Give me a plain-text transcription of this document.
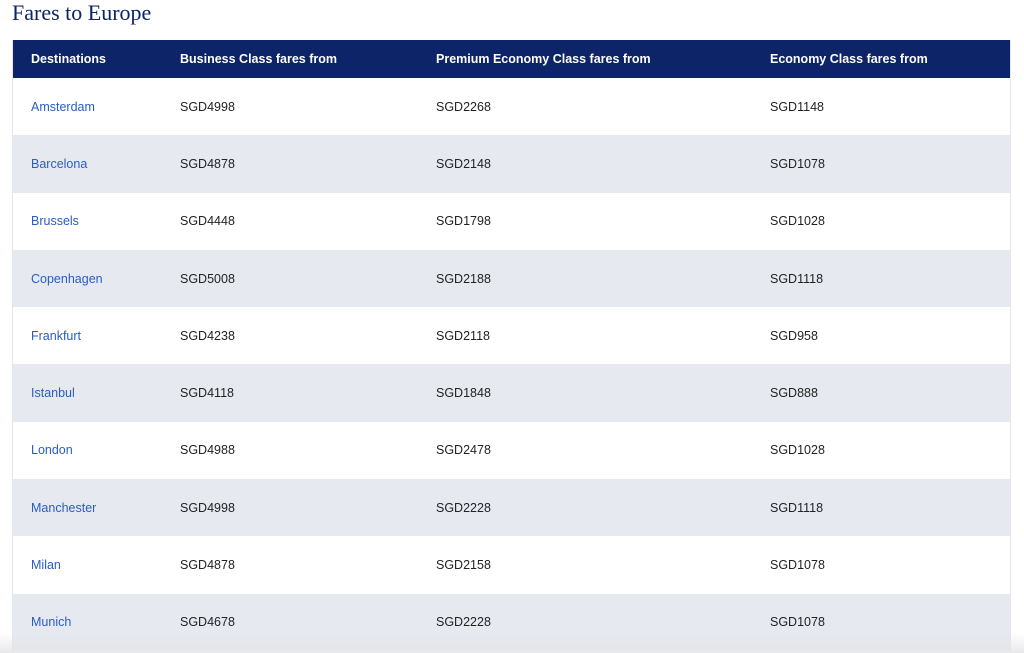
Fares to Europe
Destinations	Business Class fares from	Premium Economy Class fares from	Economy Class fares from
Amsterdam	SGD4998	SGD2268	SGD1148
Barcelona	SGD4878	SGD2148	SGD1078
Brussels	SGD4448	SGD1798	SGD1028
Copenhagen	SGD5008	SGD2188	SGD1118
Frankfurt	SGD4238	SGD2118	SGD958
Istanbul	SGD4118	SGD1848	SGD888
London	SGD4988	SGD2478	SGD1028
Manchester	SGD4998	SGD2228	SGD1118
Milan	SGD4878	SGD2158	SGD1078
Munich	SGD4678	SGD2228	SGD1078
